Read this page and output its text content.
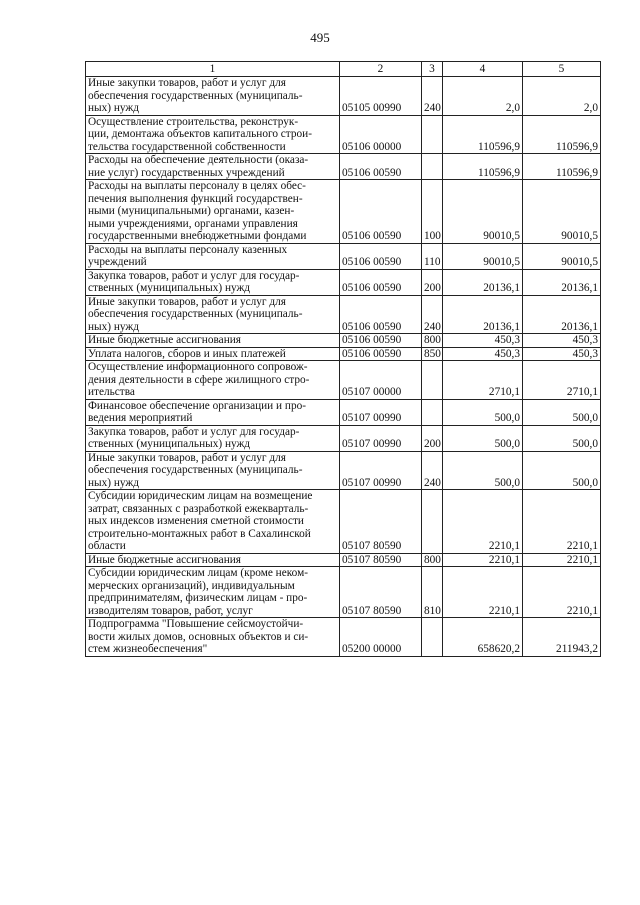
495
1	2	3	4	5

Иные закупки товаров, работ и услуг для
обеспечения государственных (муниципаль-
ных) нужд	05105 00990	240	2,0	2,0

Осуществление строительства, реконструк-
ции, демонтажа объектов капитального строи-
тельства государственной собственности	05106 00000		110596,9	110596,9

Расходы на обеспечение деятельности (оказа-
ние услуг) государственных учреждений	05106 00590		110596,9	110596,9

Расходы на выплаты персоналу в целях обес-
печения выполнения функций государствен-
ными (муниципальными) органами, казен-
ными учреждениями, органами управления
государственными внебюджетными фондами	05106 00590	100	90010,5	90010,5

Расходы на выплаты персоналу казенных
учреждений	05106 00590	110	90010,5	90010,5

Закупка товаров, работ и услуг для государ-
ственных (муниципальных) нужд	05106 00590	200	20136,1	20136,1

Иные закупки товаров, работ и услуг для
обеспечения государственных (муниципаль-
ных) нужд	05106 00590	240	20136,1	20136,1

Иные бюджетные ассигнования	05106 00590	800	450,3	450,3

Уплата налогов, сборов и иных платежей	05106 00590	850	450,3	450,3

Осуществление информационного сопровож-
дения деятельности в сфере жилищного стро-
ительства	05107 00000		2710,1	2710,1

Финансовое обеспечение организации и про-
ведения мероприятий	05107 00990		500,0	500,0

Закупка товаров, работ и услуг для государ-
ственных (муниципальных) нужд	05107 00990	200	500,0	500,0

Иные закупки товаров, работ и услуг для
обеспечения государственных (муниципаль-
ных) нужд	05107 00990	240	500,0	500,0

Субсидии юридическим лицам на возмещение
затрат, связанных с разработкой ежекварталь-
ных индексов изменения сметной стоимости
строительно-монтажных работ в Сахалинской
области	05107 80590		2210,1	2210,1

Иные бюджетные ассигнования	05107 80590	800	2210,1	2210,1

Субсидии юридическим лицам (кроме неком-
мерческих организаций), индивидуальным
предпринимателям, физическим лицам - про-
изводителям товаров, работ, услуг	05107 80590	810	2210,1	2210,1

Подпрограмма "Повышение сейсмоустойчи-
вости жилых домов, основных объектов и си-
стем жизнеобеспечения"	05200 00000		658620,2	211943,2
